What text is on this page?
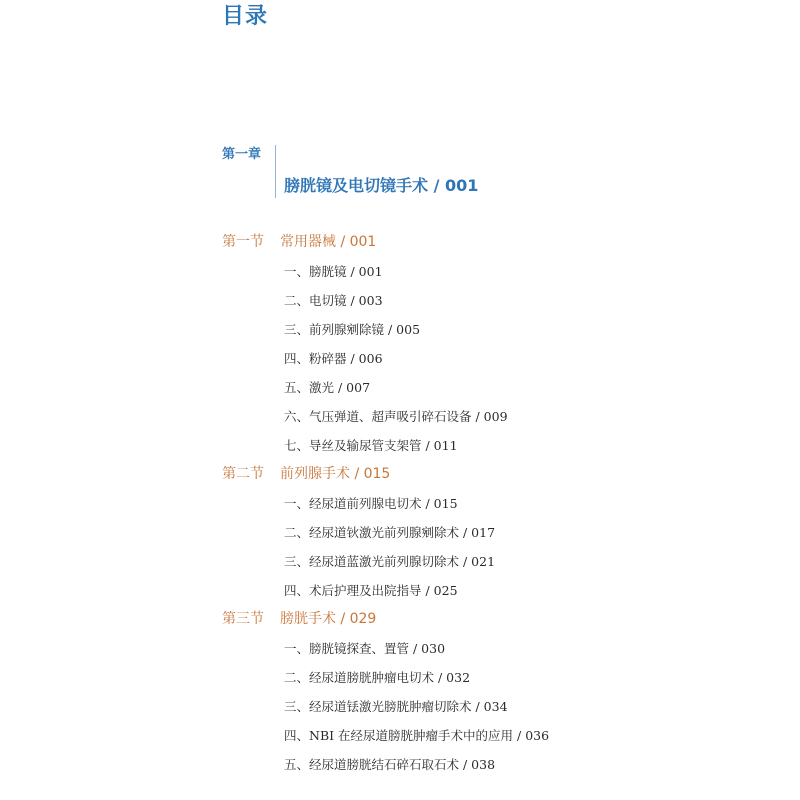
目录
第一章
膀胱镜及电切镜手术 / 001
第一节 常用器械 / 001
一、膀胱镜 / 001
二、电切镜 / 003
三、前列腺剜除镜 / 005
四、粉碎器 / 006
五、激光 / 007
六、气压弹道、超声吸引碎石设备 / 009
七、导丝及输尿管支架管 / 011
第二节 前列腺手术 / 015
一、经尿道前列腺电切术 / 015
二、经尿道钬激光前列腺剜除术 / 017
三、经尿道蓝激光前列腺切除术 / 021
四、术后护理及出院指导 / 025
第三节 膀胱手术 / 029
一、膀胱镜探查、置管 / 030
二、经尿道膀胱肿瘤电切术 / 032
三、经尿道铥激光膀胱肿瘤切除术 / 034
四、NBI 在经尿道膀胱肿瘤手术中的应用 / 036
五、经尿道膀胱结石碎石取石术 / 038
